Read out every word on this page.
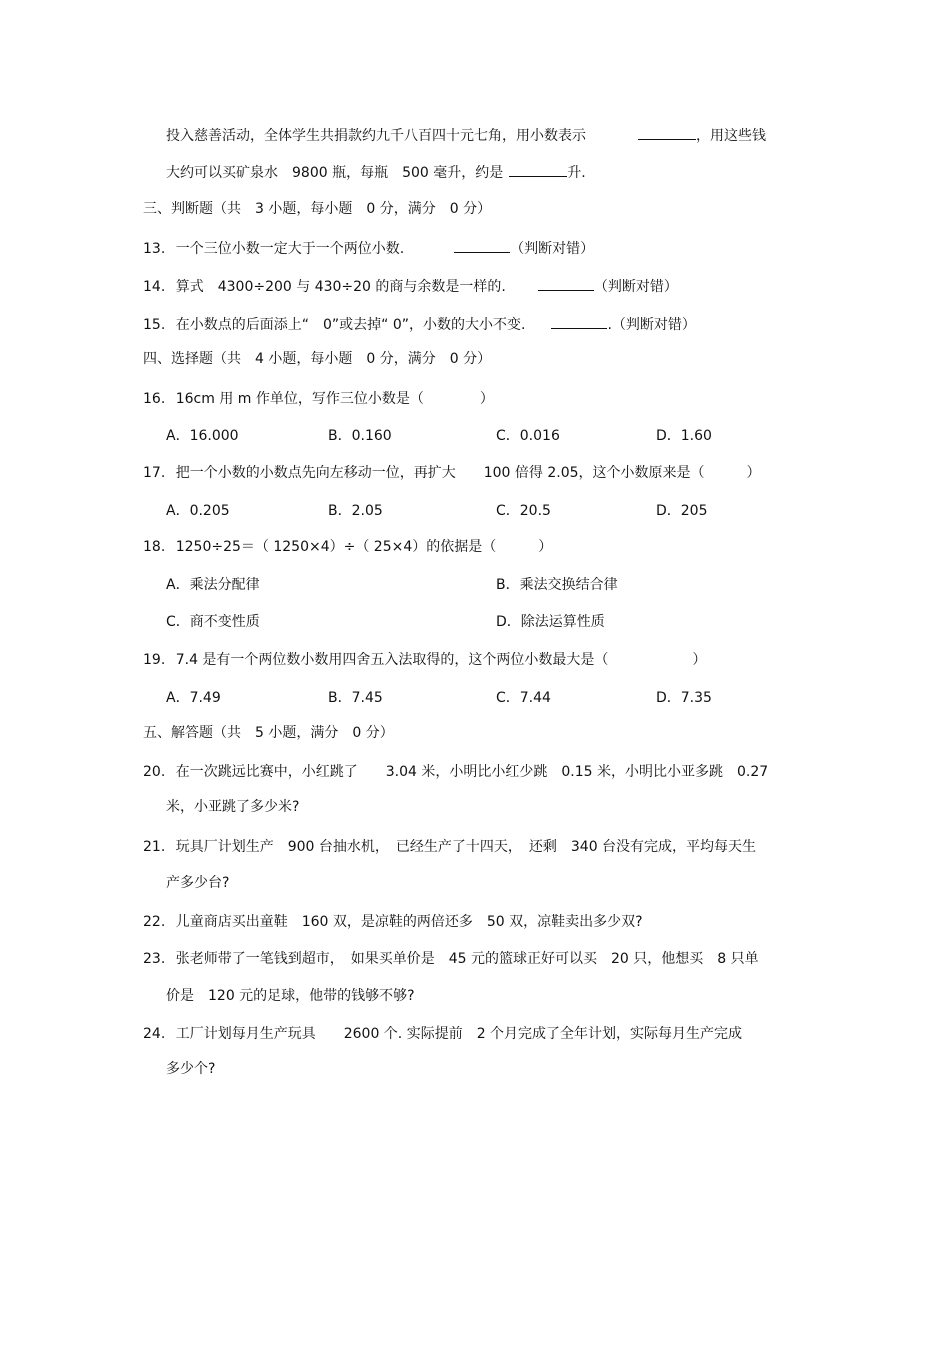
投入慈善活动，全体学生共捐款约九千八百四十元七角，用小数表示	，用这些钱
大约可以买矿泉水　9800 瓶，每瓶　500 毫升，约是	升.
三、判断题（共　3 小题，每小题　0 分，满分　0 分）
13. 一个三位小数一定大于一个两位小数.	（判断对错）
14. 算式　4300÷200 与 430÷20 的商与余数是一样的.	（判断对错）
15. 在小数点的后面添上“　0”或去掉“ 0”，小数的大小不变.	.（判断对错）
四、选择题（共　4 小题，每小题　0 分，满分　0 分）
16. 16cm 用 m 作单位，写作三位小数是（　　　　）
A．16.000	B．0.160	C．0.016	D．1.60
17. 把一个小数的小数点先向左移动一位，再扩大　　100 倍得 2.05，这个小数原来是（　　　）
A．0.205	B．2.05	C．20.5	D．205
18. 1250÷25＝（ 1250×4）÷（ 25×4）的依据是（　　　）
A．乘法分配律	B．乘法交换结合律
C．商不变性质	D．除法运算性质
19. 7.4 是有一个两位数小数用四舍五入法取得的，这个两位小数最大是（　　　　　　）
A．7.49	B．7.45	C．7.44	D．7.35
五、解答题（共　5 小题，满分　0 分）
20. 在一次跳远比赛中，小红跳了　　3.04 米，小明比小红少跳　0.15 米，小明比小亚多跳　0.27
米，小亚跳了多少米?
21. 玩具厂计划生产　900 台抽水机，　已经生产了十四天，　还剩　340 台没有完成，平均每天生
产多少台?
22. 儿童商店买出童鞋　160 双，是凉鞋的两倍还多　50 双，凉鞋卖出多少双?
23. 张老师带了一笔钱到超市，　如果买单价是　45 元的篮球正好可以买　20 只，他想买　8 只单
价是　120 元的足球，他带的钱够不够?
24. 工厂计划每月生产玩具　　2600 个. 实际提前　2 个月完成了全年计划，实际每月生产完成
多少个?
